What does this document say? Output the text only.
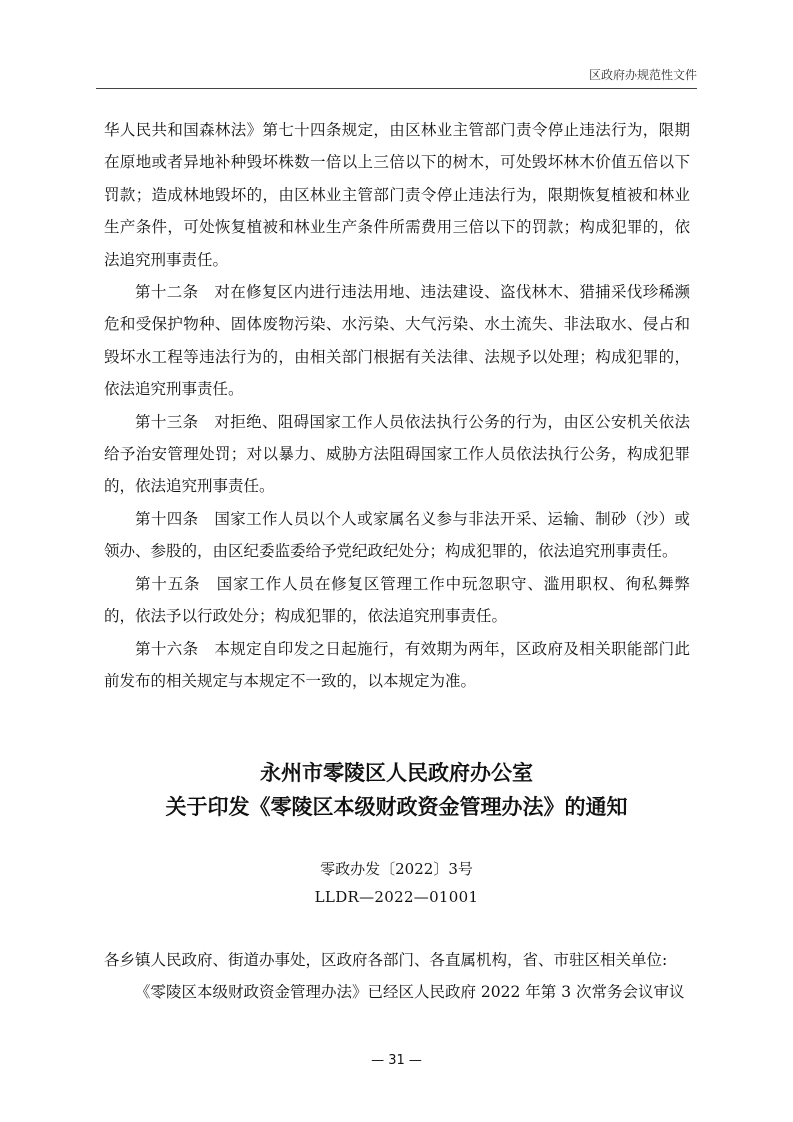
区政府办规范性文件

华人民共和国森林法》第七十四条规定，由区林业主管部门责令停止违法行为，限期在原地或者异地补种毁坏株数一倍以上三倍以下的树木，可处毁坏林木价值五倍以下罚款；造成林地毁坏的，由区林业主管部门责令停止违法行为，限期恢复植被和林业生产条件，可处恢复植被和林业生产条件所需费用三倍以下的罚款；构成犯罪的，依法追究刑事责任。

第十二条　对在修复区内进行违法用地、违法建设、盗伐林木、猎捕采伐珍稀濒危和受保护物种、固体废物污染、水污染、大气污染、水土流失、非法取水、侵占和毁坏水工程等违法行为的，由相关部门根据有关法律、法规予以处理；构成犯罪的，依法追究刑事责任。

第十三条　对拒绝、阻碍国家工作人员依法执行公务的行为，由区公安机关依法给予治安管理处罚；对以暴力、威胁方法阻碍国家工作人员依法执行公务，构成犯罪的，依法追究刑事责任。

第十四条　国家工作人员以个人或家属名义参与非法开采、运输、制砂（沙）或领办、参股的，由区纪委监委给予党纪政纪处分；构成犯罪的，依法追究刑事责任。

第十五条　国家工作人员在修复区管理工作中玩忽职守、滥用职权、徇私舞弊的，依法予以行政处分；构成犯罪的，依法追究刑事责任。

第十六条　本规定自印发之日起施行，有效期为两年，区政府及相关职能部门此前发布的相关规定与本规定不一致的，以本规定为准。

永州市零陵区人民政府办公室
关于印发《零陵区本级财政资金管理办法》的通知
零政办发〔2022〕3号
LLDR—2022—01001

各乡镇人民政府、街道办事处，区政府各部门、各直属机构，省、市驻区相关单位:

《零陵区本级财政资金管理办法》已经区人民政府 2022 年第 3 次常务会议审议

— 31 —
